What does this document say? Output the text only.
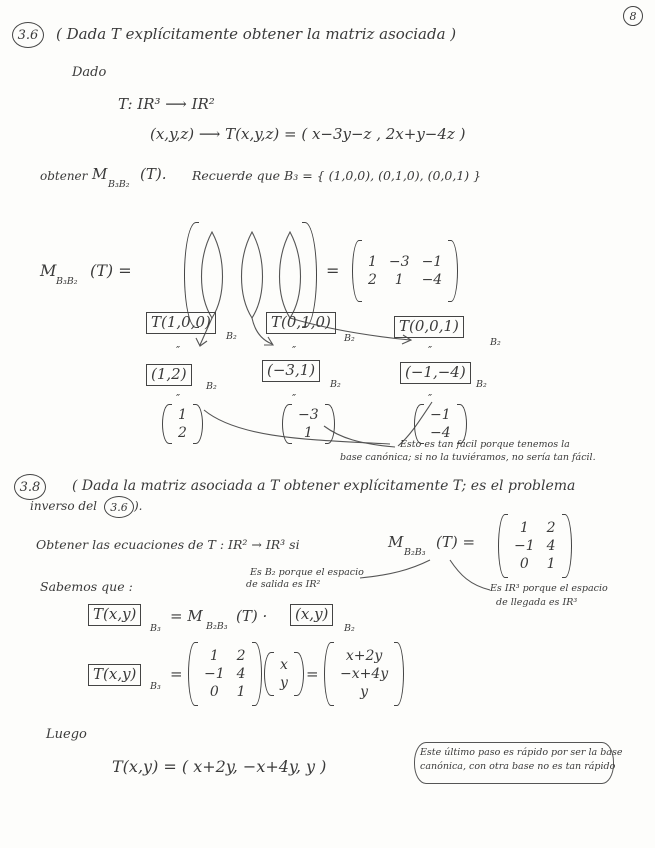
8
3.6	( Dada T explícitamente obtener la matriz asociada )
Dado
T: IR³ ⟶ IR²
(x,y,z) ⟶ T(x,y,z) = ( x−3y−z , 2x+y−4z )
obtener M
B₃B₂
(T). Recuerde que B₃ = { (1,0,0), (0,1,0), (0,0,1) }
M
B₃B₂
(T) =	= 1 −3 −1
2	1	−4
T(1,0,0)
B₂
T(0,1,0)
B₂
T(0,0,1)
B₂
″	″	″
(1,2)
B₂
(−3,1)
B₂
(−1,−4)
B₂
″	″	″
1
2
−3
1
−1
−4
Esto es tan fácil porque tenemos la
base canónica; si no la tuviéramos, no sería tan fácil.
3.8	( Dada la matriz asociada a T obtener explícitamente T; es el problema
inverso del	3.6 ).
Obtener las ecuaciones de T : IR² → IR³ si	M
B₂B₃
(T) =
1	2
−1 4
0	1
Sabemos que :
Es B₂ porque el espacio
de salida es IR²	Es IR³ porque el espacio
de llegada es IR³
T(x,y)
B₃
= M
B₂B₃
(T) ·	(x,y)
B₂
T(x,y)
B₃
=
1	2
−1 4
0	1
x
y =
x+2y
−x+4y
y
Luego
T(x,y) = ( x+2y, −x+4y, y )
Este último paso es rápido por ser la base
canónica, con otra base no es tan rápido
